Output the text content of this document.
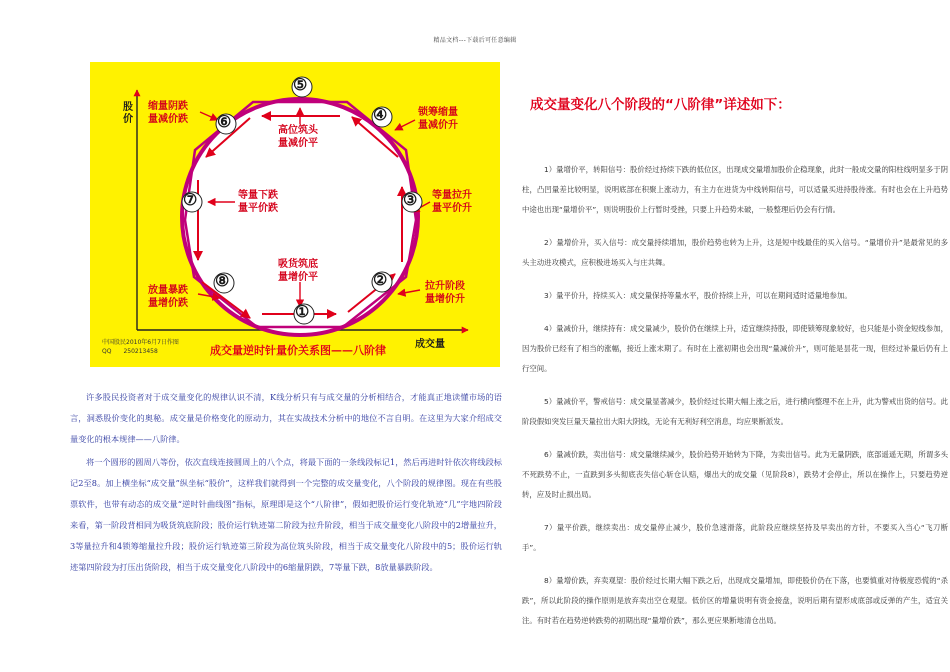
精品文档---下载后可任意编辑
①
②
③
④
⑤
⑥
⑦
⑧
股价
成交量
吸货筑底
量增价平
拉升阶段
量增价升
等量拉升
量平价升
锁筹缩量
量减价升
高位筑头
量减价平
缩量阴跌
量减价跌
等量下跌
量平价跌
放量暴跌
量增价跌
中国股民2010年6月7日作图
QQ　　250213458	成交量逆时针量价关系图——八阶律
许多股民投资者对于成交量变化的规律认识不清，K线分析只有与成交量的分析相结合，才能真正地读懂市场的语言，洞悉股价变化的奥秘。成交量是价格变化的原动力，其在实战技术分析中的地位不言自明。在这里为大家介绍成交量变化的根本规律——八阶律。
将一个圆形的圆周八等份，依次直线连接圆周上的八个点，将最下面的一条线段标记1，然后再进时针依次将线段标记2至8。加上横坐标“成交量”纵坐标“股价”，这样我们就得到一个完整的成交量变化，八个阶段的规律图。现在有些股票软件，也带有动态的成交量“逆时针曲线图”指标，原理即是这个“八阶律”，假如把股价运行变化轨迹“几”字地四阶段来看，第一阶段背相同为吸货筑底阶段；股价运行轨迹第二阶段为拉升阶段，相当于成交量变化八阶段中的2增量拉升，3等量拉升和4锁筹缩量拉升段；股价运行轨迹第三阶段为高位筑头阶段，相当于成交量变化八阶段中的5；股价运行轨迹第四阶段为打压出货阶段，相当于成交量变化八阶段中的6缩量阴跌，7等量下跌，8放量暴跌阶段。
成交量变化八个阶段的“八阶律”详述如下：

1）量增价平，转阳信号：股价经过持续下跌的低位区，出现成交量增加股价企稳现象，此时一般成交量的阳柱线明显多于阴柱，凸凹量差比较明显，说明底部在积聚上涨动力，有主力在进货为中线转阳信号，可以适量买进持股待涨。有时也会在上升趋势中途也出现“量增价平”，则说明股价上行暂时受挫，只要上升趋势未破，一般整理后仍会有行情。

2）量增价升，买入信号：成交量持续增加，股价趋势也转为上升，这是短中线最佳的买入信号。“量增价升”是最常见的多头主动进攻模式，应积极进场买入与庄共舞。

3）量平价升，持续买入：成交量保持等量水平，股价持续上升，可以在期间适时适量地参加。

4）量减价升，继续持有：成交量减少，股价仍在继续上升，适宜继续持股，即使锁筹现象较好，也只能是小资金短线参加，因为股价已经有了相当的涨幅，接近上涨末期了。有时在上涨初期也会出现“量减价升”，则可能是昙花一现，但经过补量后仍有上行空间。

5）量减价平，警戒信号：成交量显著减少，股价经过长期大幅上涨之后，进行横向整理不在上升，此为警戒出货的信号。此阶段假如突发巨量天量拉出大阳大阴线，无论有无利好利空消息，均应果断派发。

6）量减价跌，卖出信号：成交量继续减少，股价趋势开始转为下降，为卖出信号。此为无量阴跌，底部遥遥无期，所谓多头不死跌势不止，一直跌到多头彻底丧失信心斩仓认赔，爆出大的成交量（见阶段8），跌势才会停止，所以在操作上，只要趋势逆转，应及时止损出局。

7）量平价跌，继续卖出：成交量停止减少，股价急速滑落，此阶段应继续坚持及早卖出的方针，不要买入当心“飞刀断手”。

8）量增价跌，弃卖观望：股价经过长期大幅下跌之后，出现成交量增加，即使股价仍在下落，也要慎重对待极度恐慌的“杀跌”，所以此阶段的操作原则是放弃卖出空仓观望。低价区的增量说明有资金接盘，说明后期有望形成底部或反弹的产生，适宜关注。有时若在趋势逆转跌势的初期出现“量增价跌”，那么更应果断地清仓出局。
